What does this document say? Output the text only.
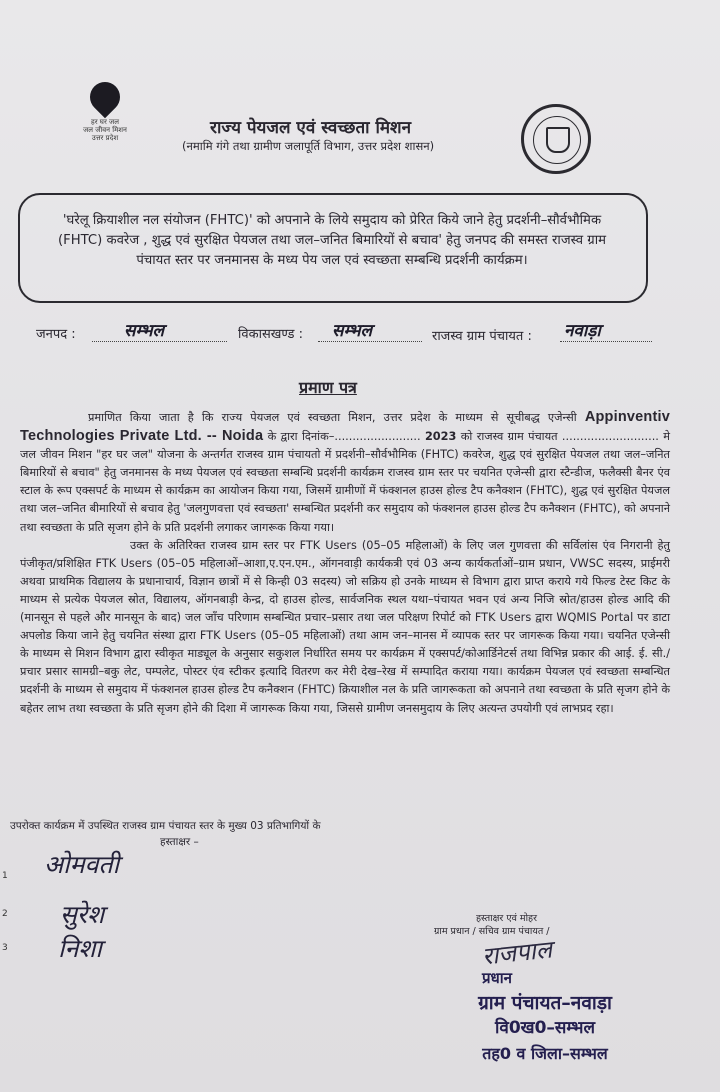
हर घर जल
जल जीवन मिशन
उत्तर प्रदेश	राज्य पेयजल एवं स्वच्छता मिशन
(नमामि गंगे तथा ग्रामीण जलापूर्ति विभाग, उत्तर प्रदेश शासन)
'घरेलू क्रियाशील नल संयोजन (FHTC)' को अपनाने के लिये समुदाय को प्रेरित किये जाने हेतु प्रदर्शनी–सौर्वभौमिक (FHTC) कवरेज , शुद्ध एवं सुरक्षित पेयजल तथा जल–जनित बिमारियों से बचाव' हेतु जनपद की समस्त राजस्व ग्राम पंचायत स्तर पर जनमानस के मध्य पेय जल एवं स्वच्छता सम्बन्धि प्रदर्शनी कार्यक्रम।
जनपद :	सम्भल	विकासखण्ड :	सम्भल	राजस्व ग्राम पंचायत : नवाड़ा
प्रमाण पत्र

प्रमाणित किया जाता है कि राज्य पेयजल एवं स्वच्छता मिशन, उत्तर प्रदेश के माध्यम से सूचीबद्ध एजेन्सी Appinventiv Technologies Private Ltd. -- Noida के द्वारा दिनांक–........................ 2023 को राजस्व ग्राम पंचायत ........................... मे जल जीवन मिशन "हर घर जल" योजना के अन्तर्गत राजस्व ग्राम पंचायतो में प्रदर्शनी–सौर्वभौमिक (FHTC) कवरेज, शुद्ध एवं सुरक्षित पेयजल तथा जल–जनित बिमारियों से बचाव" हेतु जनमानस के मध्य पेयजल एवं स्वच्छता सम्बन्धि प्रदर्शनी कार्यक्रम राजस्व ग्राम स्तर पर चयनित एजेन्सी द्वारा स्टैन्डीज, फलैक्सी बैनर एंव स्टाल के रूप एक्सपर्ट के माध्यम से कार्यक्रम का आयोजन किया गया, जिसमें ग्रामीणों में फंक्शनल हाउस होल्ड टैप कनैक्शन (FHTC), शुद्ध एवं सुरक्षित पेयजल तथा जल–जनित बीमारियों से बचाव हेतु 'जलगुणवत्ता एवं स्वच्छता' सम्बन्धित प्रदर्शनी कर समुदाय को फंक्शनल हाउस होल्ड टैप कनैक्शन (FHTC), को अपनाने तथा स्वच्छता के प्रति सृजग होने के प्रति प्रदर्शनी लगाकर जागरूक किया गया।

उक्त के अतिरिक्त राजस्व ग्राम स्तर पर FTK Users (05–05 महिलाओं) के लिए जल गुणवत्ता की सर्विलांस एंव निगरानी हेतु पंजीकृत/प्रशिक्षित FTK Users (05–05 महिलाओं–आशा,ए.एन.एम., ऑगनवाड़ी कार्यकत्री एवं 03 अन्य कार्यकर्ताओं–ग्राम प्रधान, VWSC सदस्य, प्राईमरी अथवा प्राथमिक विद्यालय के प्रधानाचार्य, विज्ञान छात्रों में से किन्ही 03 सदस्य) जो सक्रिय हो उनके माध्यम से विभाग द्वारा प्राप्त कराये गये फिल्ड टेस्ट किट के माध्यम से प्रत्येक पेयजल स्रोत, विद्यालय, ऑगनबाड़ी केन्द्र, दो हाउस होल्ड, सार्वजनिक स्थल यथा–पंचायत भवन एवं अन्य निजि स्रोत/हाउस होल्ड आदि की (मानसून से पहले और मानसून के बाद) जल जाँच परिणाम सम्बन्धित प्रचार–प्रसार तथा जल परिक्षण रिपोर्ट को FTK Users द्वारा WQMIS Portal पर डाटा अपलोड किया जाने हेतु चयनित संस्था द्वारा FTK Users (05–05 महिलाओं) तथा आम जन–मानस में व्यापक स्तर पर जागरूक किया गया। चयनित एजेन्सी के माध्यम से मिशन विभाग द्वारा स्वीकृत माड्यूल के अनुसार सकुशल निर्धारित समय पर कार्यक्रम में एक्सपर्ट/कोआर्डिनेटर्स तथा विभिन्न प्रकार की आई. ई. सी./प्रचार प्रसार सामग्री–बकु लेट, पम्पलेट, पोस्टर एंव स्टीकर इत्यादि वितरण कर मेरी देख–रेख में सम्पादित कराया गया। कार्यक्रम पेयजल एवं स्वच्छता सम्बन्धित प्रदर्शनी के माध्यम से समुदाय में फंक्शनल हाउस होल्ड टैप कनैक्शन (FHTC) क्रियाशील नल के प्रति जागरूकता को अपनाने तथा स्वच्छता के प्रति सृजग होने के बहेतर लाभ तथा स्वच्छता के प्रति सृजग होने की दिशा में जागरूक किया गया, जिससे ग्रामीण जनसमुदाय के लिए अत्यन्त उपयोगी एवं लाभप्रद रहा।

उपरोक्त कार्यक्रम में उपस्थित राजस्व ग्राम पंचायत स्तर के मुख्य 03 प्रतिभागियों के
हस्ताक्षर –
1 ओमवती
2 सुरेश
3 निशा
हस्ताक्षर एवं मोहर
ग्राम प्रधान / सचिव ग्राम पंचायत /
राजपाल
प्रधान
ग्राम पंचायत–नवाड़ा
वि0ख0–सम्भल
तह0 व जिला–सम्भल
